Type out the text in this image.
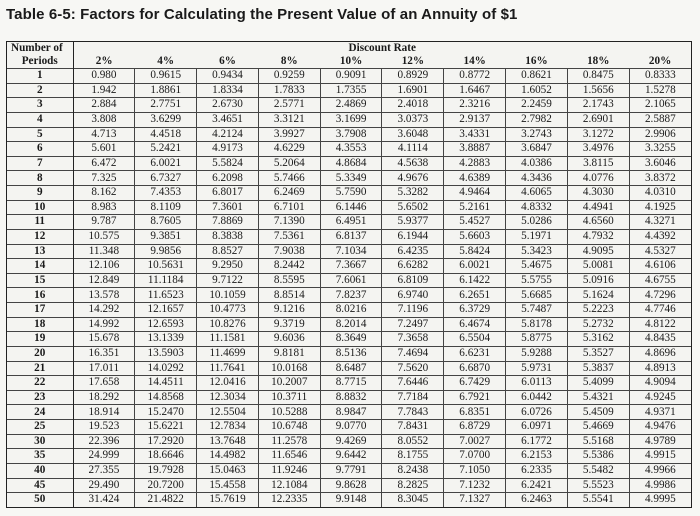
Table 6-5: Factors for Calculating the Present Value of an Annuity of $1
Number of	Discount Rate									
Periods	2%	4%	6%	8%	10%	12%	14%	16%	18%	20%
1	0.980	0.9615	0.9434	0.9259	0.9091	0.8929	0.8772	0.8621	0.8475	0.8333
2	1.942	1.8861	1.8334	1.7833	1.7355	1.6901	1.6467	1.6052	1.5656	1.5278
3	2.884	2.7751	2.6730	2.5771	2.4869	2.4018	2.3216	2.2459	2.1743	2.1065
4	3.808	3.6299	3.4651	3.3121	3.1699	3.0373	2.9137	2.7982	2.6901	2.5887
5	4.713	4.4518	4.2124	3.9927	3.7908	3.6048	3.4331	3.2743	3.1272	2.9906
6	5.601	5.2421	4.9173	4.6229	4.3553	4.1114	3.8887	3.6847	3.4976	3.3255
7	6.472	6.0021	5.5824	5.2064	4.8684	4.5638	4.2883	4.0386	3.8115	3.6046
8	7.325	6.7327	6.2098	5.7466	5.3349	4.9676	4.6389	4.3436	4.0776	3.8372
9	8.162	7.4353	6.8017	6.2469	5.7590	5.3282	4.9464	4.6065	4.3030	4.0310
10	8.983	8.1109	7.3601	6.7101	6.1446	5.6502	5.2161	4.8332	4.4941	4.1925
11	9.787	8.7605	7.8869	7.1390	6.4951	5.9377	5.4527	5.0286	4.6560	4.3271
12	10.575	9.3851	8.3838	7.5361	6.8137	6.1944	5.6603	5.1971	4.7932	4.4392
13	11.348	9.9856	8.8527	7.9038	7.1034	6.4235	5.8424	5.3423	4.9095	4.5327
14	12.106	10.5631	9.2950	8.2442	7.3667	6.6282	6.0021	5.4675	5.0081	4.6106
15	12.849	11.1184	9.7122	8.5595	7.6061	6.8109	6.1422	5.5755	5.0916	4.6755
16	13.578	11.6523	10.1059	8.8514	7.8237	6.9740	6.2651	5.6685	5.1624	4.7296
17	14.292	12.1657	10.4773	9.1216	8.0216	7.1196	6.3729	5.7487	5.2223	4.7746
18	14.992	12.6593	10.8276	9.3719	8.2014	7.2497	6.4674	5.8178	5.2732	4.8122
19	15.678	13.1339	11.1581	9.6036	8.3649	7.3658	6.5504	5.8775	5.3162	4.8435
20	16.351	13.5903	11.4699	9.8181	8.5136	7.4694	6.6231	5.9288	5.3527	4.8696
21	17.011	14.0292	11.7641	10.0168	8.6487	7.5620	6.6870	5.9731	5.3837	4.8913
22	17.658	14.4511	12.0416	10.2007	8.7715	7.6446	6.7429	6.0113	5.4099	4.9094
23	18.292	14.8568	12.3034	10.3711	8.8832	7.7184	6.7921	6.0442	5.4321	4.9245
24	18.914	15.2470	12.5504	10.5288	8.9847	7.7843	6.8351	6.0726	5.4509	4.9371
25	19.523	15.6221	12.7834	10.6748	9.0770	7.8431	6.8729	6.0971	5.4669	4.9476
30	22.396	17.2920	13.7648	11.2578	9.4269	8.0552	7.0027	6.1772	5.5168	4.9789
35	24.999	18.6646	14.4982	11.6546	9.6442	8.1755	7.0700	6.2153	5.5386	4.9915
40	27.355	19.7928	15.0463	11.9246	9.7791	8.2438	7.1050	6.2335	5.5482	4.9966
45	29.490	20.7200	15.4558	12.1084	9.8628	8.2825	7.1232	6.2421	5.5523	4.9986
50	31.424	21.4822	15.7619	12.2335	9.9148	8.3045	7.1327	6.2463	5.5541	4.9995
